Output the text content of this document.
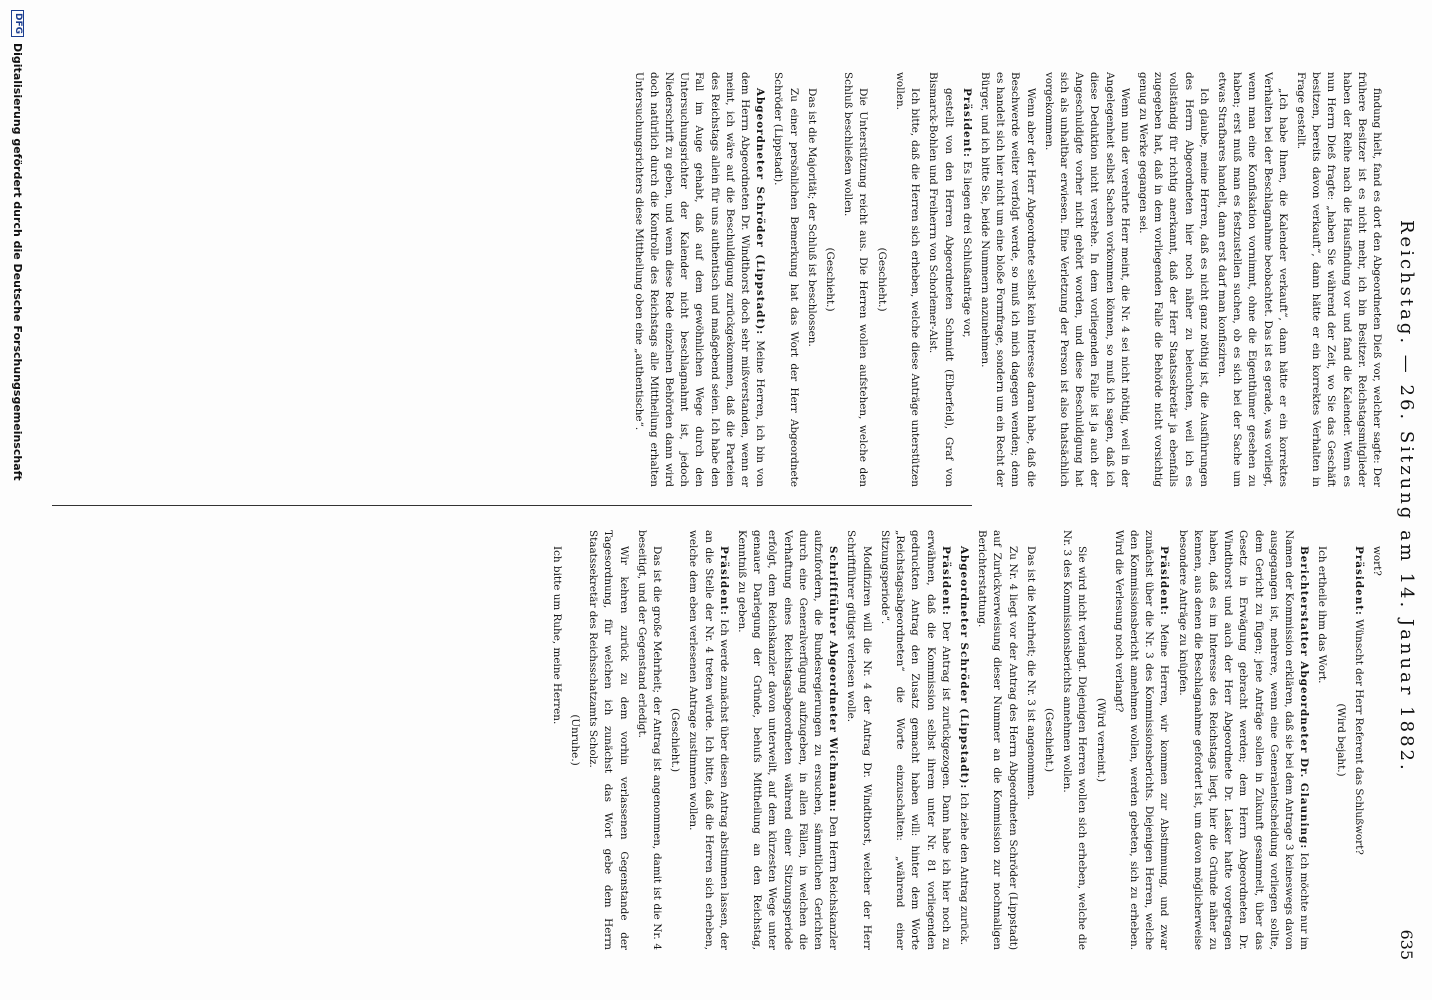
Reichstag. — 26. Sitzung am 14. Januar 1882.
635

findung hielt, fand es dort den Abgeordneten Dieß vor, welcher sagte: Der frühere Besitzer ist es nicht mehr, ich bin Besitzer. Reichstagsmitglieder haben der Reihe nach die Hausfindung vor und fand die Kalender. Wenn es nun Herrn Dieß fragte: „haben Sie während der Zeit, wo Sie das Geschäft besitzen, bereits davon verkauft“, dann hätte er ein korrektes Verhalten in Frage gestellt.

„Ich habe Ihnen, die Kalender verkauft“, dann hätte er ein korrektes Verhalten bei der Beschlagnahme beobachtet. Das ist es gerade, was vorliegt, wenn man eine Konfiskation vornimmt, ohne die Eigenthümer gesehen zu haben; erst muß man es festzustellen suchen, ob es sich bei der Sache um etwas Strafbares handelt, dann erst darf man konfisziren.

Ich glaube, meine Herren, daß es nicht ganz nöthig ist, die Ausführungen des Herrn Abgeordneten hier noch näher zu beleuchten, weil ich es vollständig für richtig anerkannt, daß der Herr Staatssekretär ja ebenfalls zugegeben hat, daß in dem vorliegenden Falle die Behörde nicht vorsichtig genug zu Werke gegangen sei.

Wenn nun der verehrte Herr meint, die Nr. 4 sei nicht nöthig, weil in der Angelegenheit selbst Sachen vorkommen können, so muß ich sagen, daß ich diese Deduktion nicht verstehe. In dem vorliegenden Falle ist ja auch der Angeschuldigte vorher nicht gehört worden, und diese Beschuldigung hat sich als unhaltbar erwiesen. Eine Verletzung der Person ist also thatsächlich vorgekommen.

Wenn aber der Herr Abgeordnete selbst kein Interesse daran habe, daß die Beschwerde weiter verfolgt werde, so muß ich mich dagegen wenden; denn es handelt sich hier nicht um eine bloße Formfrage, sondern um ein Recht der Bürger, und ich bitte Sie, beide Nummern anzunehmen.

Präsident: Es liegen drei Schlußanträge vor,

gestellt von den Herren Abgeordneten Schmidt (Elberfeld), Graf von Bismarck-Bohlen und Freiherrn von Schorlemer-Alst.

Ich bitte, daß die Herren sich erheben, welche diese Anträge unterstützen wollen.

(Geschieht.)

Die Unterstützung reicht aus. Die Herren wollen aufstehen, welche den Schluß beschließen wollen.

(Geschieht.)

Das ist die Majorität; der Schluß ist beschlossen.

Zu einer persönlichen Bemerkung hat das Wort der Herr Abgeordnete Schröder (Lippstadt).

Abgeordneter Schröder (Lippstadt): Meine Herren, ich bin von dem Herrn Abgeordneten Dr. Windthorst doch sehr mißverstanden, wenn er meint, ich wäre auf die Beschuldigung zurückgekommen, daß die Parteien des Reichstags allein für uns authentisch und maßgebend seien. Ich habe den Fall im Auge gehabt, daß auf dem gewöhnlichen Wege durch den Untersuchungsrichter der Kalender nicht beschlagnahmt ist, jedoch Niederschrift zu geben, und wenn diese Rede einzelnen Behörden dann wird doch natürlich durch die Kontrolle des Reichstags alle Mittheilung erhalten Untersuchungsrichters diese Mittheilung oben eine „authentische“.

wort?

Präsident: Wünscht der Herr Referent das Schlußwort?

(Wird bejaht.)

Ich ertheile ihm das Wort.

Berichterstatter Abgeordneter Dr. Glauning: Ich möchte nur im Namen der Kommission erklären, daß sie bei dem Antrage 3 keineswegs davon ausgegangen ist, mehrere, wenn eine Generalentscheidung vorliegen sollte, dem Gericht zu fügen; jene Anträge sollen in Zukunft gesammelt, über das Gesetz in Erwägung gebracht werden; dem Herrn Abgeordneten Dr. Windthorst und auch der Herr Abgeordnete Dr. Lasker hatte vorgetragen haben, daß es im Interesse des Reichstags liegt, hier die Gründe näher zu kennen, aus denen die Beschlagnahme gefordert ist, um davon möglicherweise besondere Anträge zu knüpfen.

Präsident: Meine Herren, wir kommen zur Abstimmung, und zwar zunächst über die Nr. 3 des Kommissionsberichts. Diejenigen Herren, welche den Kommissionsbericht annehmen wollen, werden gebeten, sich zu erheben. Wird die Verlesung noch verlangt?

(Wird verneint.)

Sie wird nicht verlangt. Diejenigen Herren wollen sich erheben, welche die Nr. 3 des Kommissionsberichts annehmen wollen.

(Geschieht.)

Das ist die Mehrheit; die Nr. 3 ist angenommen.

Zu Nr. 4 liegt vor der Antrag des Herrn Abgeordneten Schröder (Lippstadt) auf Zurückverweisung dieser Nummer an die Kommission zur nochmaligen Berichterstattung.

Abgeordneter Schröder (Lippstadt): Ich ziehe den Antrag zurück.

Präsident: Der Antrag ist zurückgezogen. Dann habe ich hier noch zu erwähnen, daß die Kommission selbst ihrem unter Nr. 81 vorliegenden gedruckten Antrag den Zusatz gemacht haben will: hinter dem Worte „Reichstagsabgeordneten“ die Worte einzuschalten: „während einer Sitzungsperiode“.

Modifiziren will die Nr. 4 der Antrag Dr. Windthorst, welcher der Herr Schriftführer gütigst verlesen wolle.

Schriftführer Abgeordneter Wichmann: Den Herrn Reichskanzler aufzufordern, die Bundesregierungen zu ersuchen, sämmtlichen Gerichten durch eine Generalverfügung aufzugeben, in allen Fällen, in welchen die Verhaftung eines Reichstagsabgeordneten während einer Sitzungsperiode erfolgt, dem Reichskanzler davon unterweilt, auf dem kürzesten Wege unter genauer Darlegung der Gründe, behufs Mittheilung an den Reichstag, Kenntniß zu geben.

Präsident: Ich werde zunächst über diesen Antrag abstimmen lassen, der an die Stelle der Nr. 4 treten würde. Ich bitte, daß die Herren sich erheben, welche dem eben verlesenen Antrage zustimmen wollen.

(Geschieht.)

Das ist die große Mehrheit; der Antrag ist angenommen, damit ist die Nr. 4 beseitigt, und der Gegenstand erledigt.

Wir kehren zurück zu dem vorhin verlassenen Gegenstande der Tagesordnung, für welchen ich zunächst das Wort gebe dem Herrn Staatssekretär des Reichsschatzamts Scholz.

(Unruhe.)

Ich bitte um Ruhe, meine Herren.

DFG
Digitalisierung gefördert durch die Deutsche Forschungsgemeinschaft
